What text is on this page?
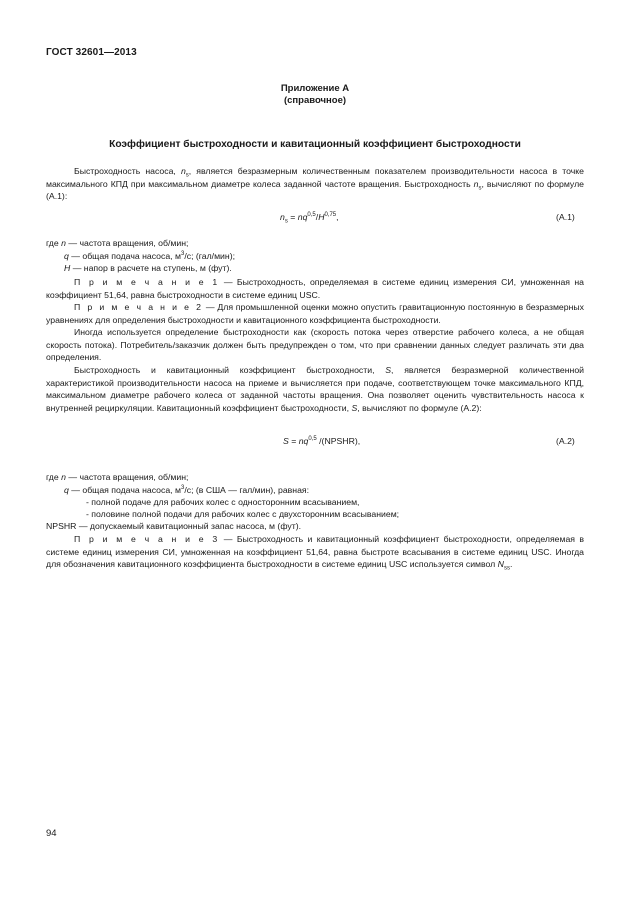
ГОСТ 32601—2013
Приложение А
(справочное)
Коэффициент быстроходности и кавитационный коэффициент быстроходности

Быстроходность насоса, $n_s$, является безразмерным количественным показателем производительности насоса в точке максимального КПД при максимальном диаметре колеса заданной частоте вращения. Быстроходность $n_s$, вычисляют по формуле (А.1):

$n_s = nq^{0,5}/H^{0,75}$,	(А.1)
где n — частота вращения, об/мин;
q — общая подача насоса, $м^3/с$; (гал/мин);
H — напор в расчете на ступень, м (фут).

П р и м е ч а н и е 1 — Быстроходность, определяемая в системе единиц измерения СИ, умноженная на коэффициент 51,64, равна быстроходности в системе единиц USC.

П р и м е ч а н и е 2 — Для промышленной оценки можно опустить гравитационную постоянную в безразмерных уравнениях для определения быстроходности и кавитационного коэффициента быстроходности.

Иногда используется определение быстроходности как (скорость потока через отверстие рабочего колеса, а не общая скорость потока). Потребитель/заказчик должен быть предупрежден о том, что при сравнении данных следует различать эти два определения.

Быстроходность и кавитационный коэффициент быстроходности, S, является безразмерной количественной характеристикой производительности насоса на приеме и вычисляется при подаче, соответствующем точке максимального КПД, максимальном диаметре рабочего колеса от заданной частоты вращения. Она позволяет оценить чувствительность насоса к внутренней рециркуляции. Кавитационный коэффициент быстроходности, S, вычисляют по формуле (А.2):

S = nq$^{0,5}$ /(NPSHR),	(А.2)
где n — частота вращения, об/мин;
q — общая подача насоса, $м^3/с$; (в США — гал/мин), равная:
- полной подаче для рабочих колес с односторонним всасыванием,
- половине полной подачи для рабочих колес с двухсторонним всасыванием;
NPSHR — допускаемый кавитационный запас насоса, м (фут).

П р и м е ч а н и е 3 — Быстроходность и кавитационный коэффициент быстроходности, определяемая в системе единиц измерения СИ, умноженная на коэффициент 51,64, равна быстроте всасывания в системе единиц USC. Иногда для обозначения кавитационного коэффициента быстроходности в системе единиц USC используется символ $N_{ss}$.

94
